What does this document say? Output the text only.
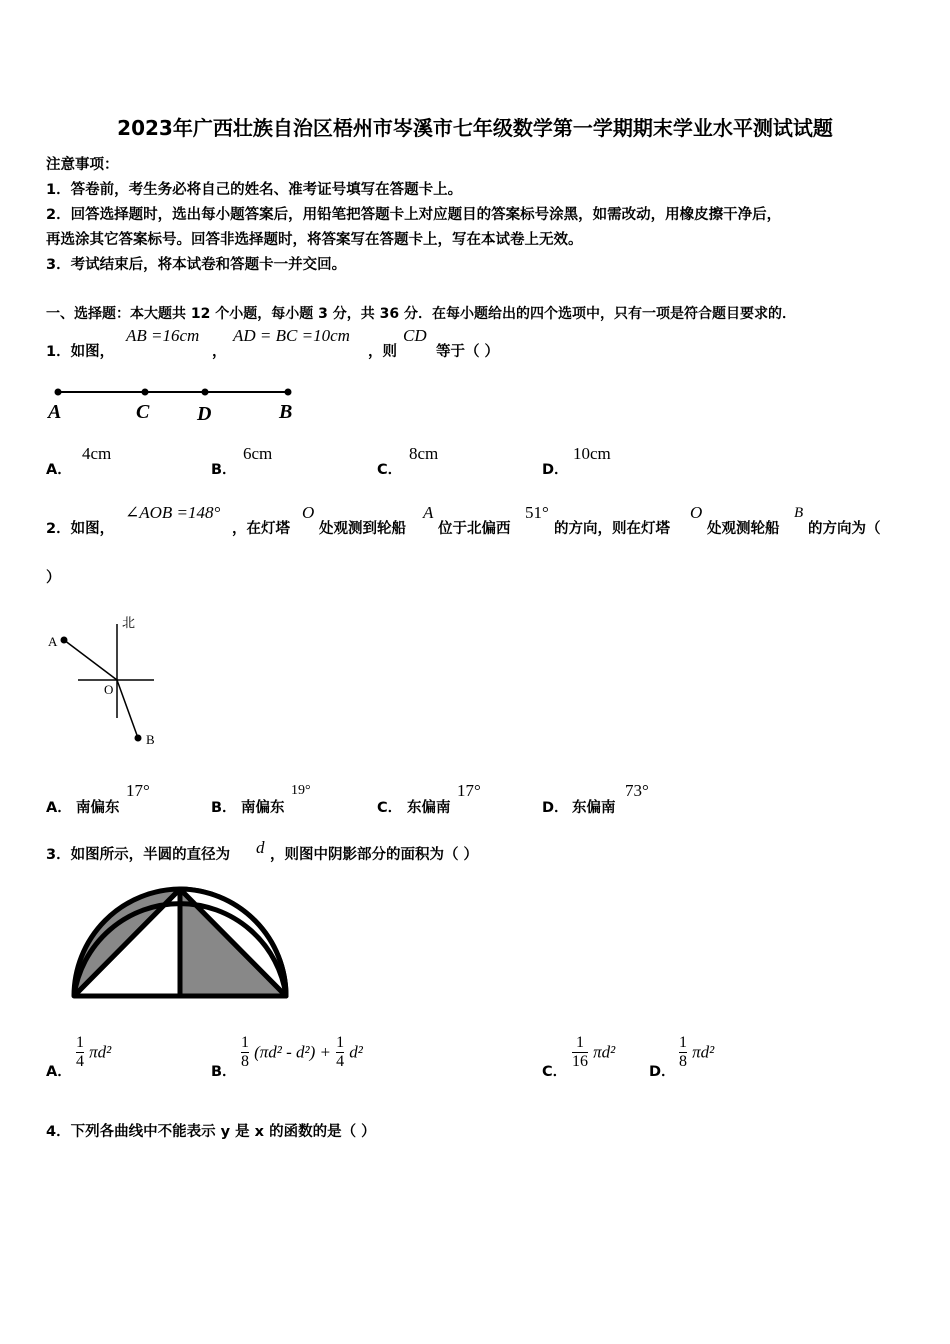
2023年广西壮族自治区梧州市岑溪市七年级数学第一学期期末学业水平测试试题
注意事项：
1．答卷前，考生务必将自己的姓名、准考证号填写在答题卡上。
2．回答选择题时，选出每小题答案后，用铅笔把答题卡上对应题目的答案标号涂黑，如需改动，用橡皮擦干净后，
再选涂其它答案标号。回答非选择题时，将答案写在答题卡上，写在本试卷上无效。
3．考试结束后，将本试卷和答题卡一并交回。
一、选择题：本大题共 12 个小题，每小题 3 分，共 36 分．在每小题给出的四个选项中，只有一项是符合题目要求的．
1．如图，
AB =16cm
，
AD = BC =10cm
，则
CD
等于（ ）
A	C D	B
A．
4cm
B．
6cm
C．
8cm
D．
10cm
2．如图，
∠AOB =148°
，在灯塔
O
处观测到轮船
A
位于北偏西
51°
的方向，则在灯塔
O
处观测轮船
B
的方向为（
）
北
A
O
B
A． 南偏东
17°
B． 南偏东
19°
C． 东偏南
17°
D． 东偏南
73°
3．如图所示，半圆的直径为 d ，则图中阴影部分的面积为（ ）
A．
$\frac{1}{4} \pi d^2$
B．
$\frac{1}{8} (\pi d^2 - d^2) + \frac{1}{4} d^2$
C．
$\frac{1}{16} \pi d^2$
D．
$\frac{1}{8} \pi d^2$
4．下列各曲线中不能表示 y 是 x 的函数的是（ ）
